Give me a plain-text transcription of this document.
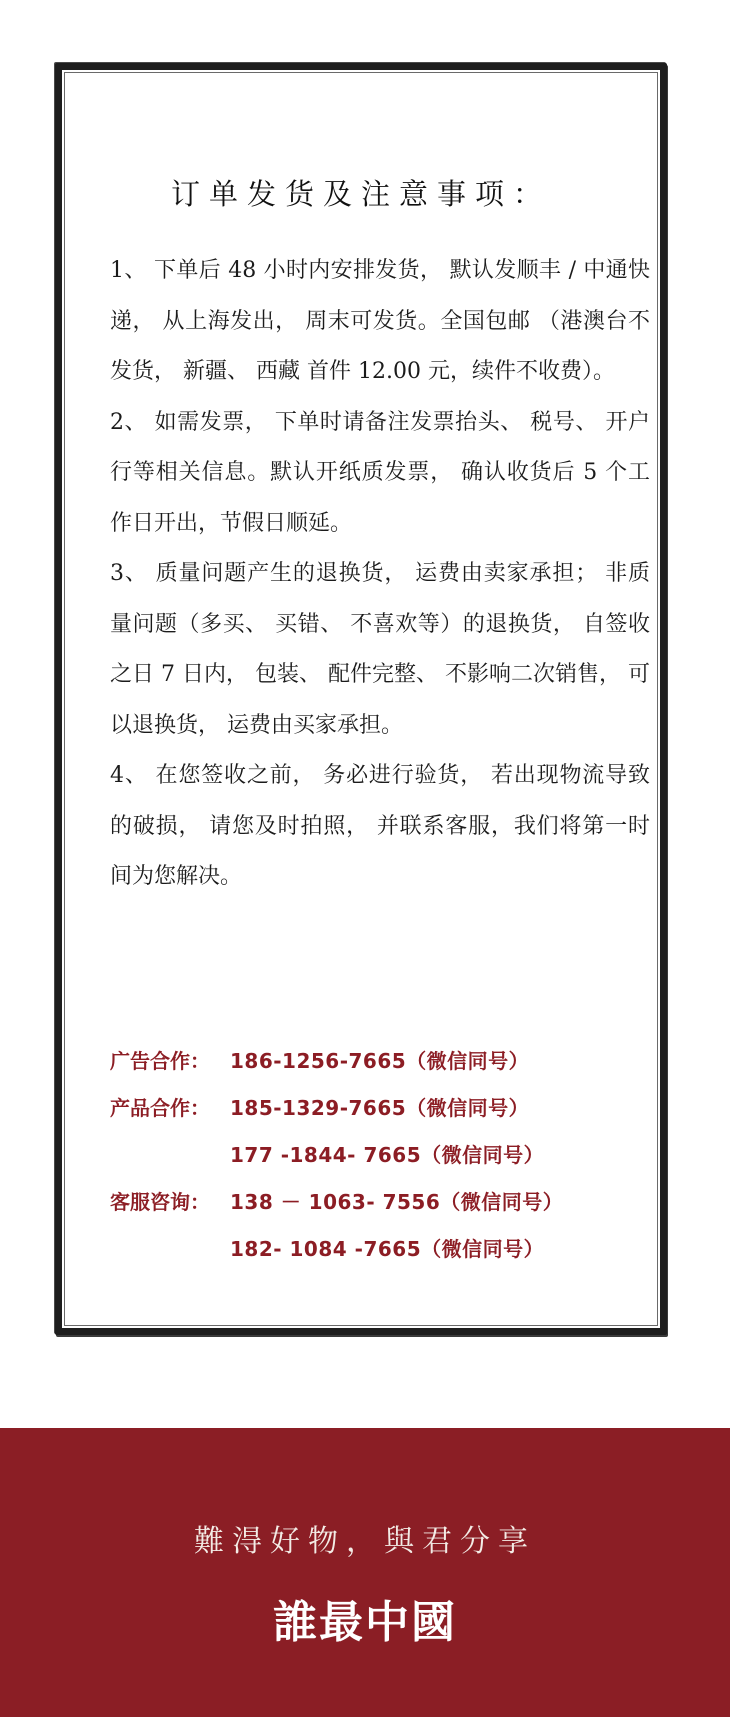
订单发货及注意事项：

1、 下单后 48 小时内安排发货， 默认发顺丰 / 中通快递， 从上海发出， 周末可发货。全国包邮 （港澳台不发货， 新疆、 西藏 首件 12.00 元，续件不收费）。

2、 如需发票， 下单时请备注发票抬头、 税号、 开户行等相关信息。默认开纸质发票， 确认收货后 5 个工作日开出，节假日顺延。

3、 质量问题产生的退换货， 运费由卖家承担； 非质量问题（多买、 买错、 不喜欢等）的退换货， 自签收之日 7 日内， 包装、 配件完整、 不影响二次销售， 可以退换货， 运费由买家承担。

4、 在您签收之前， 务必进行验货， 若出现物流导致的破损， 请您及时拍照， 并联系客服，我们将第一时间为您解决。

广告合作：	186-1256-7665（微信同号）
产品合作：	185-1329-7665（微信同号）
177 -1844- 7665（微信同号）
客服咨询：	138 － 1063- 7556（微信同号）
182- 1084 -7665（微信同号）
難淂好物，與君分享
誰最中國
